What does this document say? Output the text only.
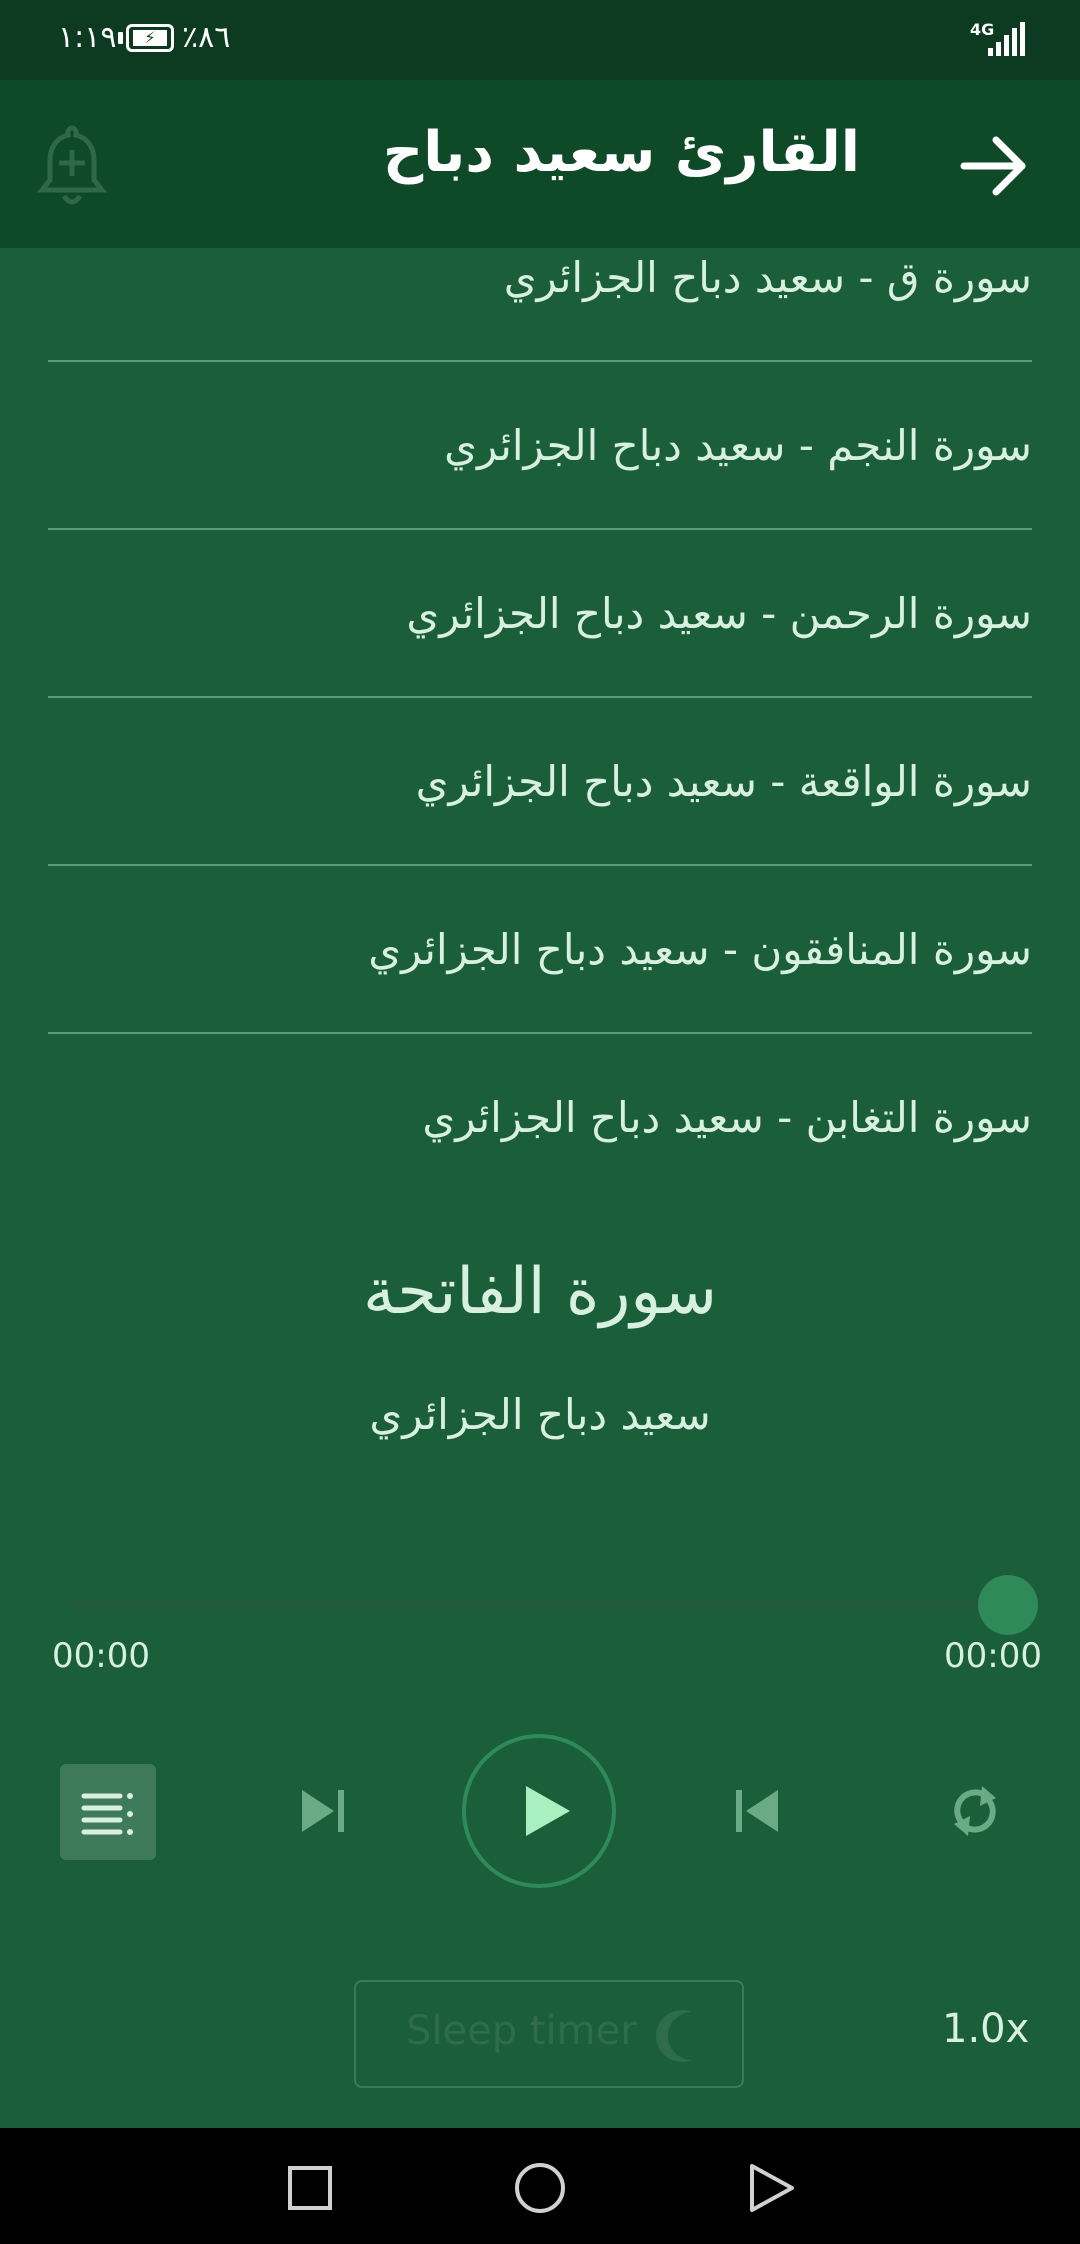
١:١٩	⚡ ٪٨٦	4G
القارئ سعيد دباح
سورة ق - سعيد دباح الجزائري
سورة النجم - سعيد دباح الجزائري
سورة الرحمن - سعيد دباح الجزائري
سورة الواقعة - سعيد دباح الجزائري
سورة المنافقون - سعيد دباح الجزائري
سورة التغابن - سعيد دباح الجزائري
سورة الفاتحة
سعيد دباح الجزائري
00:00	00:00
Sleep timer	1.0x
